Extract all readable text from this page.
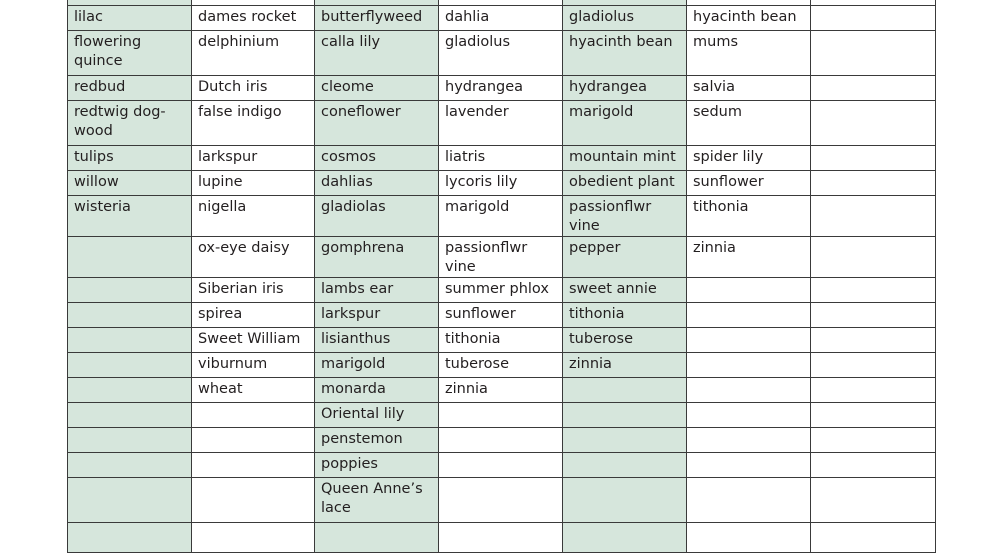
lilac	dames rocket	butterflyweed	dahlia	gladiolus	hyacinth bean	
flowering quince	delphinium	calla lily	gladiolus	hyacinth bean	mums	
redbud	Dutch iris	cleome	hydrangea	hydrangea	salvia	
redtwig dog-wood	false indigo	coneflower	lavender	marigold	sedum	
tulips	larkspur	cosmos	liatris	mountain mint	spider lily	
willow	lupine	dahlias	lycoris lily	obedient plant	sunflower	
wisteria	nigella	gladiolas	marigold	passionflwr vine	tithonia	
	ox-eye daisy	gomphrena	passionflwr vine	pepper	zinnia	
	Siberian iris	lambs ear	summer phlox	sweet annie		
	spirea	larkspur	sunflower	tithonia		
	Sweet William	lisianthus	tithonia	tuberose		
	viburnum	marigold	tuberose	zinnia		
	wheat	monarda	zinnia			
		Oriental lily				
		penstemon				
		poppies				
		Queen Anne’s lace				
